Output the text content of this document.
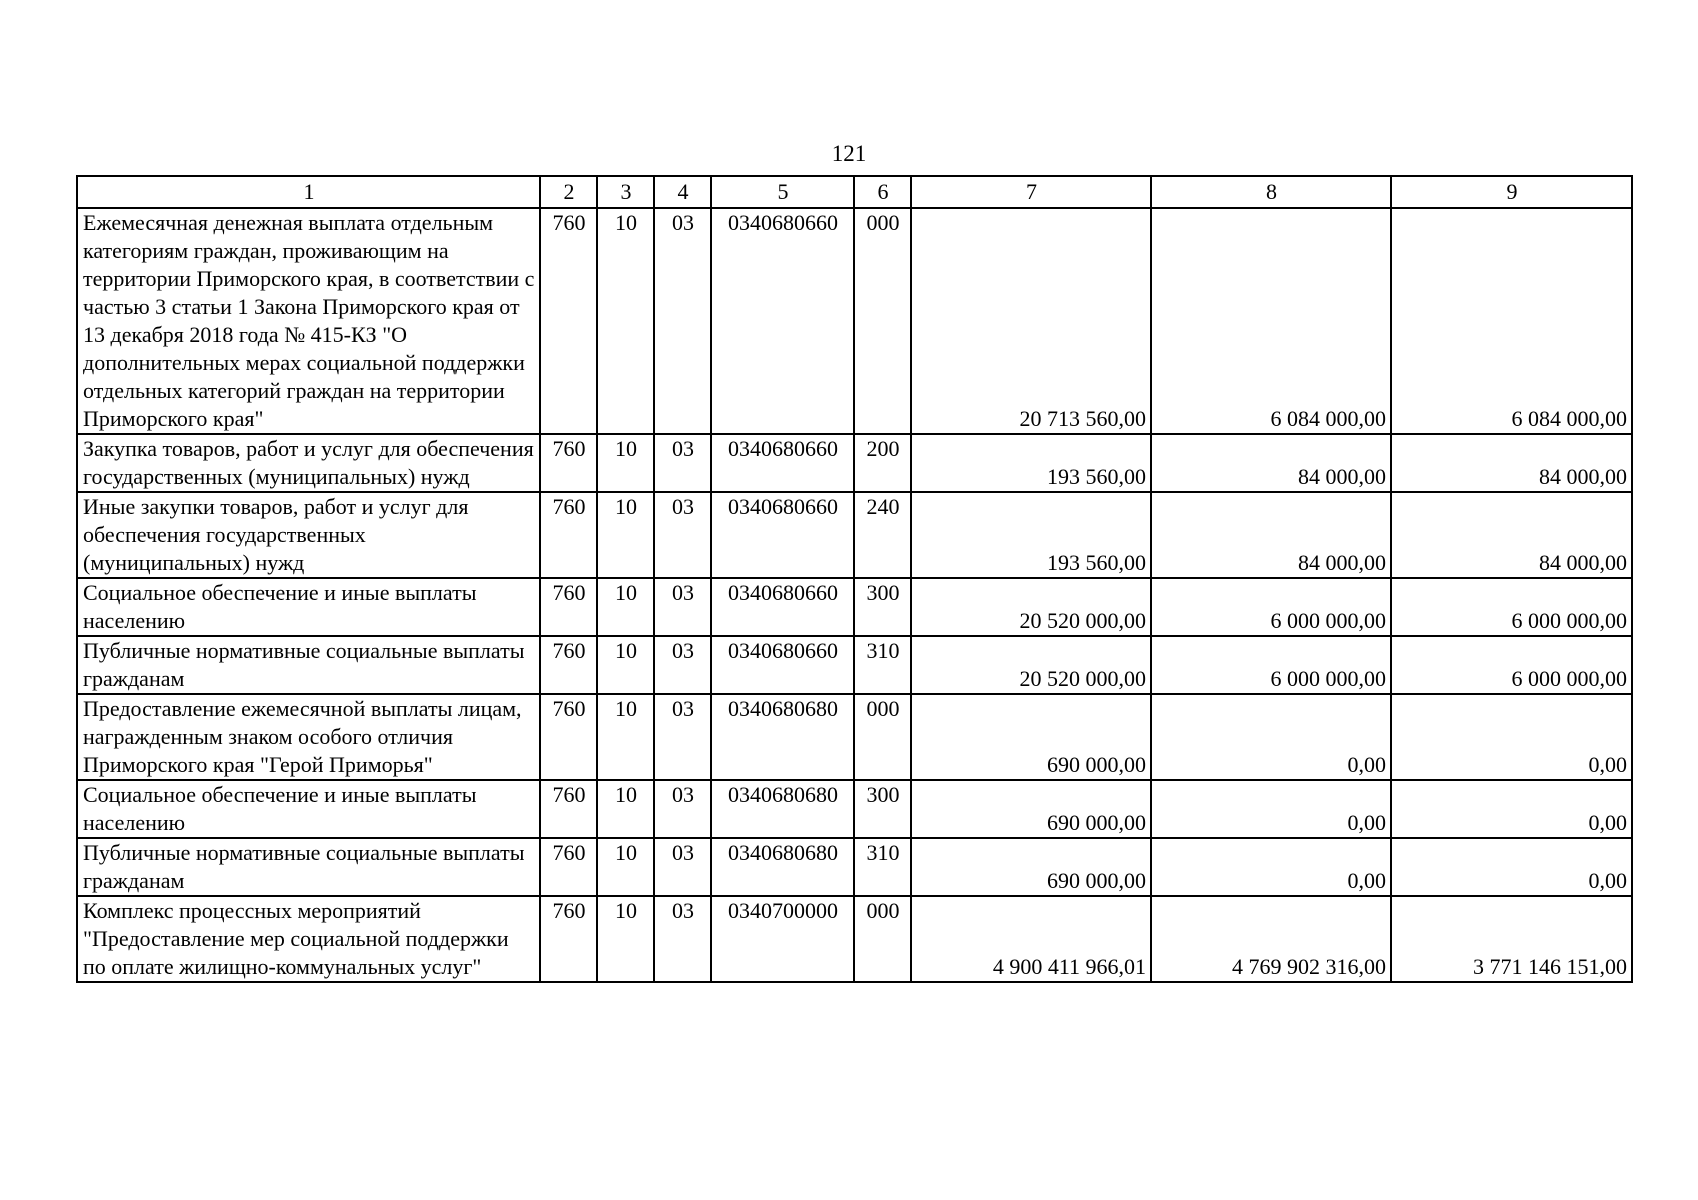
121
1	2	3	4	5	6	7	8	9
Ежемесячная денежная выплата отдельным категориям граждан, проживающим на территории Приморского края, в соответствии с частью 3 статьи 1 Закона Приморского края от 13 декабря 2018 года № 415-КЗ "О дополнительных мерах социальной поддержки отдельных категорий граждан на территории Приморского края"	760	10	03	0340680660	000	20 713 560,00	6 084 000,00	6 084 000,00
Закупка товаров, работ и услуг для обеспечения государственных (муниципальных) нужд	760	10	03	0340680660	200	193 560,00	84 000,00	84 000,00
Иные закупки товаров, работ и услуг для обеспечения государственных (муниципальных) нужд	760	10	03	0340680660	240	193 560,00	84 000,00	84 000,00
Социальное обеспечение и иные выплаты населению	760	10	03	0340680660	300	20 520 000,00	6 000 000,00	6 000 000,00
Публичные нормативные социальные выплаты гражданам	760	10	03	0340680660	310	20 520 000,00	6 000 000,00	6 000 000,00
Предоставление ежемесячной выплаты лицам, награжденным знаком особого отличия Приморского края "Герой Приморья"	760	10	03	0340680680	000	690 000,00	0,00	0,00
Социальное обеспечение и иные выплаты населению	760	10	03	0340680680	300	690 000,00	0,00	0,00
Публичные нормативные социальные выплаты гражданам	760	10	03	0340680680	310	690 000,00	0,00	0,00
Комплекс процессных мероприятий "Предоставление мер социальной поддержки по оплате жилищно-коммунальных услуг"	760	10	03	0340700000	000	4 900 411 966,01	4 769 902 316,00	3 771 146 151,00
